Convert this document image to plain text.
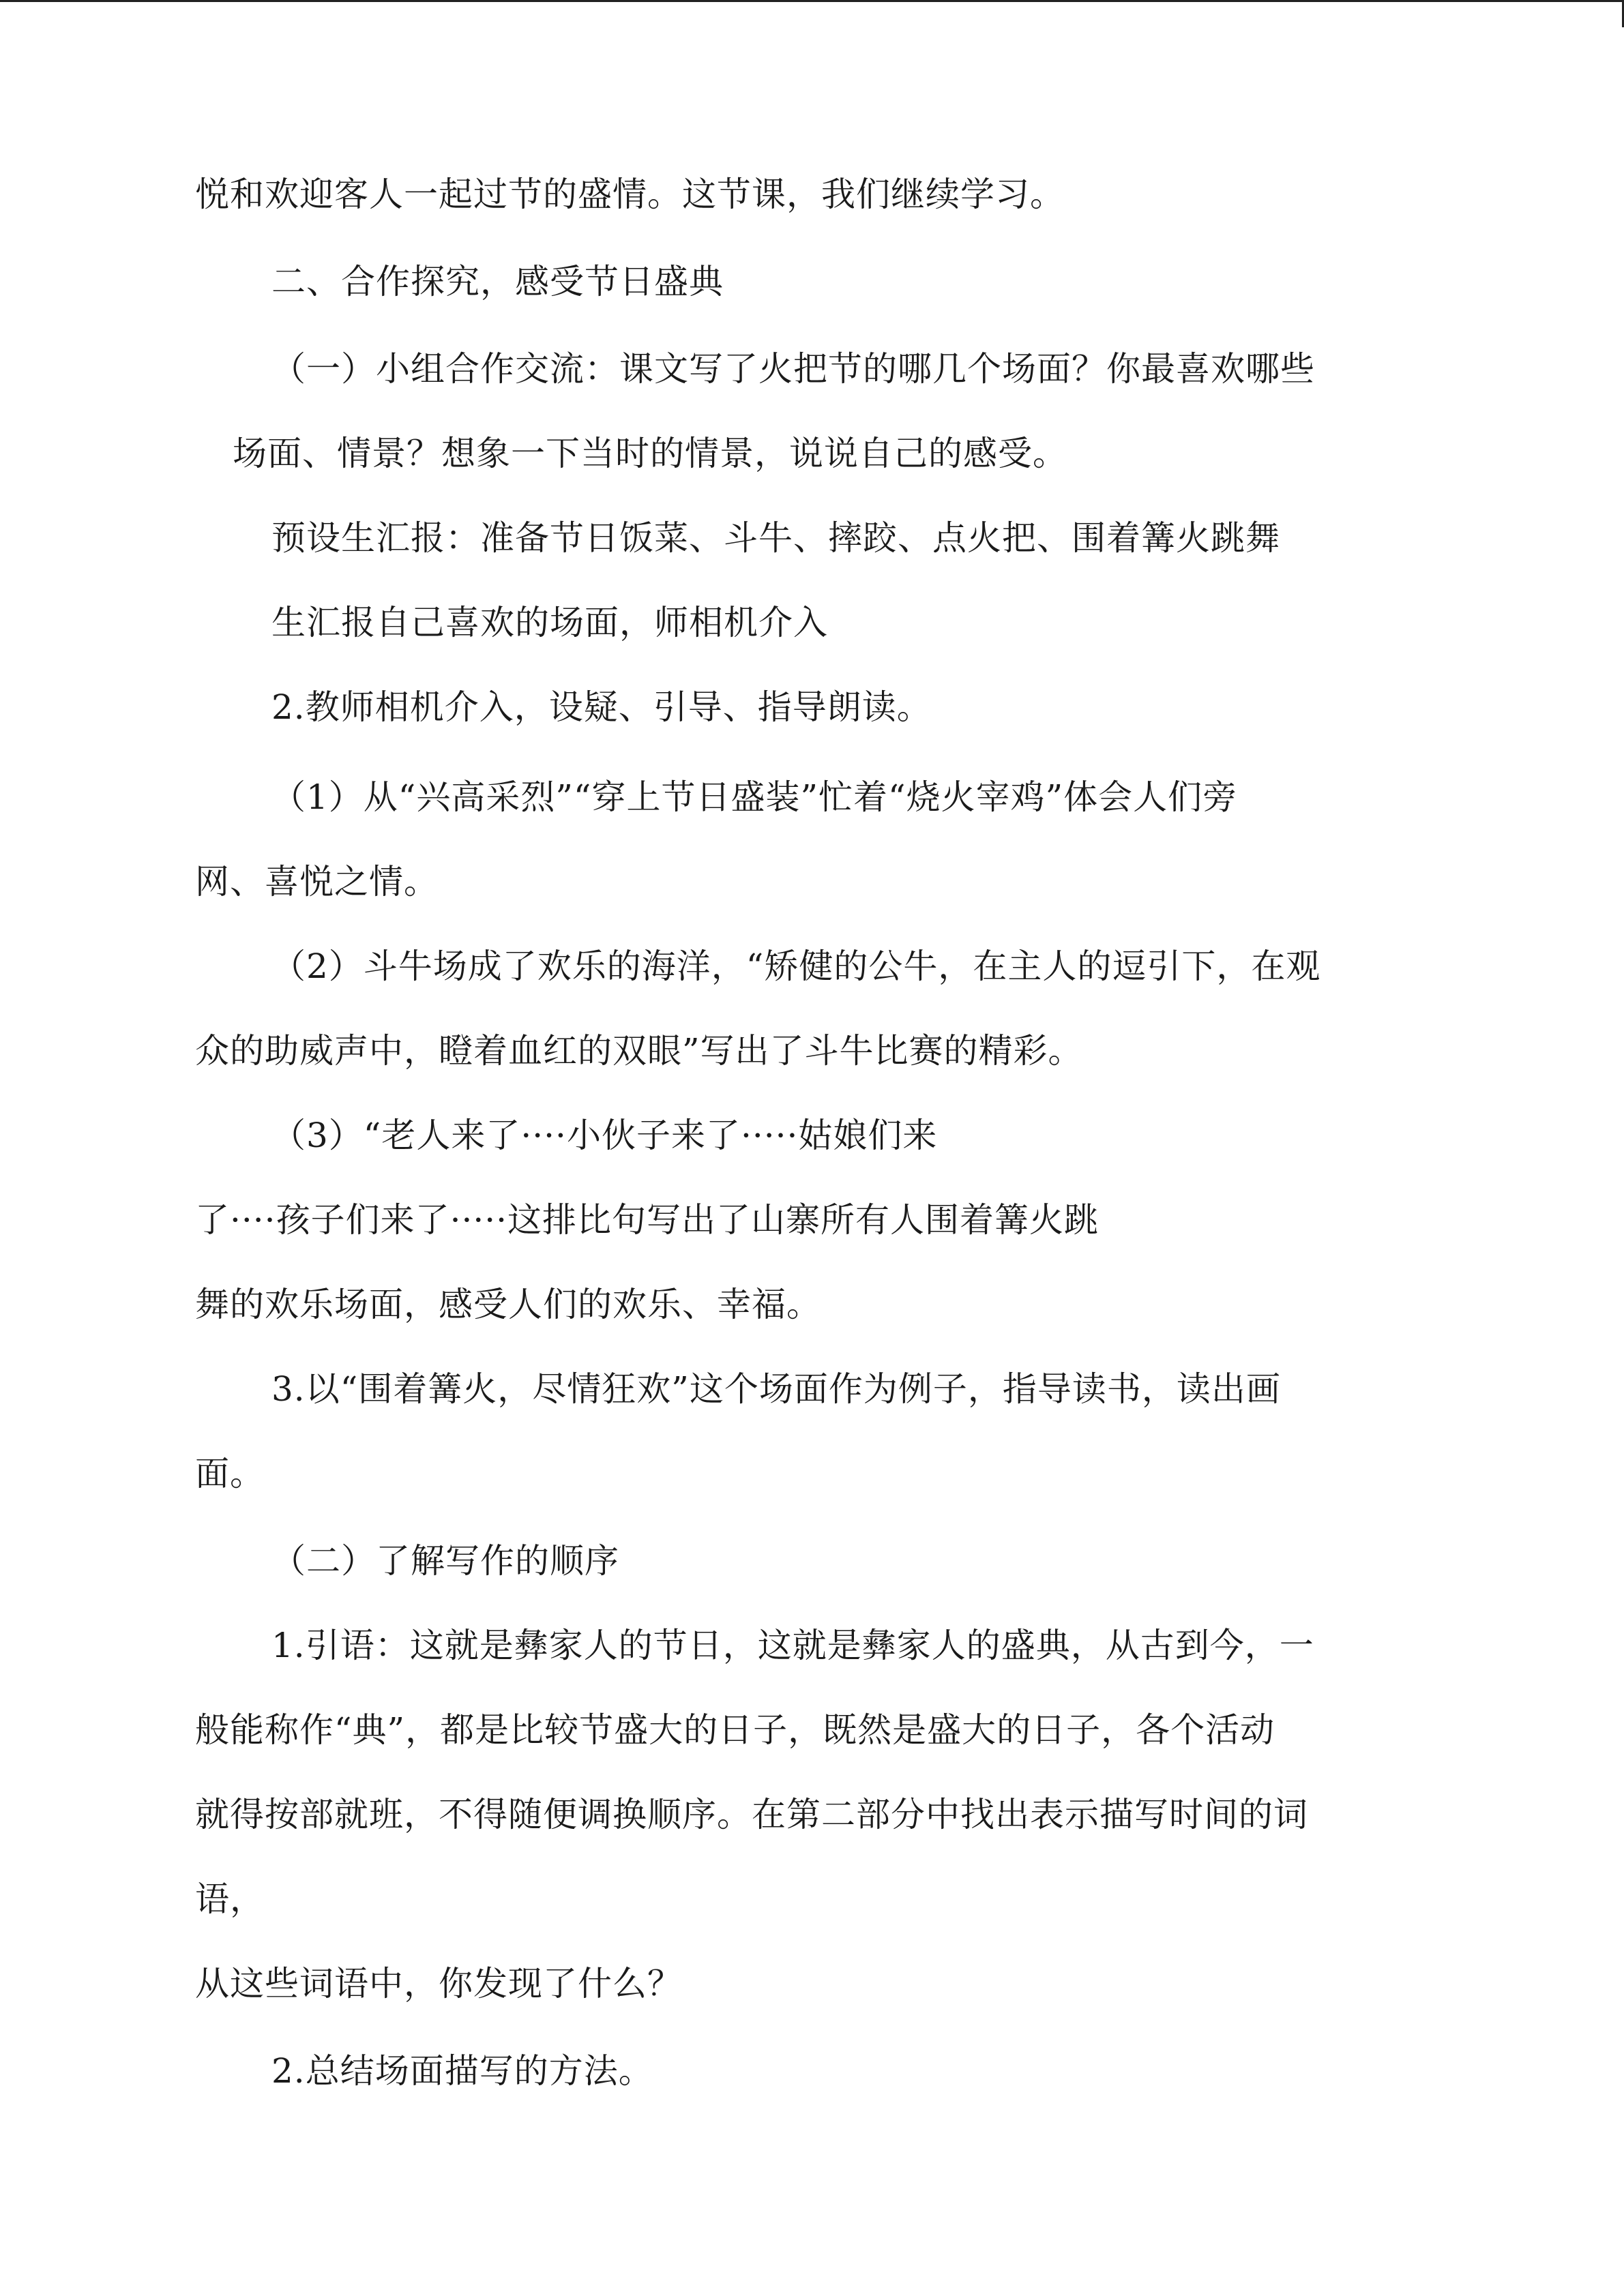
悦和欢迎客人一起过节的盛情。这节课，我们继续学习。
二、合作探究，感受节日盛典
（一）小组合作交流：课文写了火把节的哪几个场面？你最喜欢哪些
场面、情景？想象一下当时的情景，说说自己的感受。
预设生汇报：准备节日饭菜、斗牛、摔跤、点火把、围着篝火跳舞
生汇报自己喜欢的场面，师相机介入
2.教师相机介入，设疑、引导、指导朗读。
（1）从“兴高采烈”“穿上节日盛装”忙着“烧火宰鸡”体会人们旁
网、喜悦之情。
（2）斗牛场成了欢乐的海洋，“矫健的公牛，在主人的逗引下，在观
众的助威声中，瞪着血红的双眼”写出了斗牛比赛的精彩。
（3）“老人来了····小伙子来了·····姑娘们来
了····孩子们来了·····这排比句写出了山寨所有人围着篝火跳
舞的欢乐场面，感受人们的欢乐、幸福。
3.以“围着篝火，尽情狂欢”这个场面作为例子，指导读书，读出画
面。
（二）了解写作的顺序
1.引语：这就是彝家人的节日，这就是彝家人的盛典，从古到今，一
般能称作“典”，都是比较节盛大的日子，既然是盛大的日子，各个活动
就得按部就班，不得随便调换顺序。在第二部分中找出表示描写时间的词
语，
从这些词语中，你发现了什么？
2.总结场面描写的方法。
